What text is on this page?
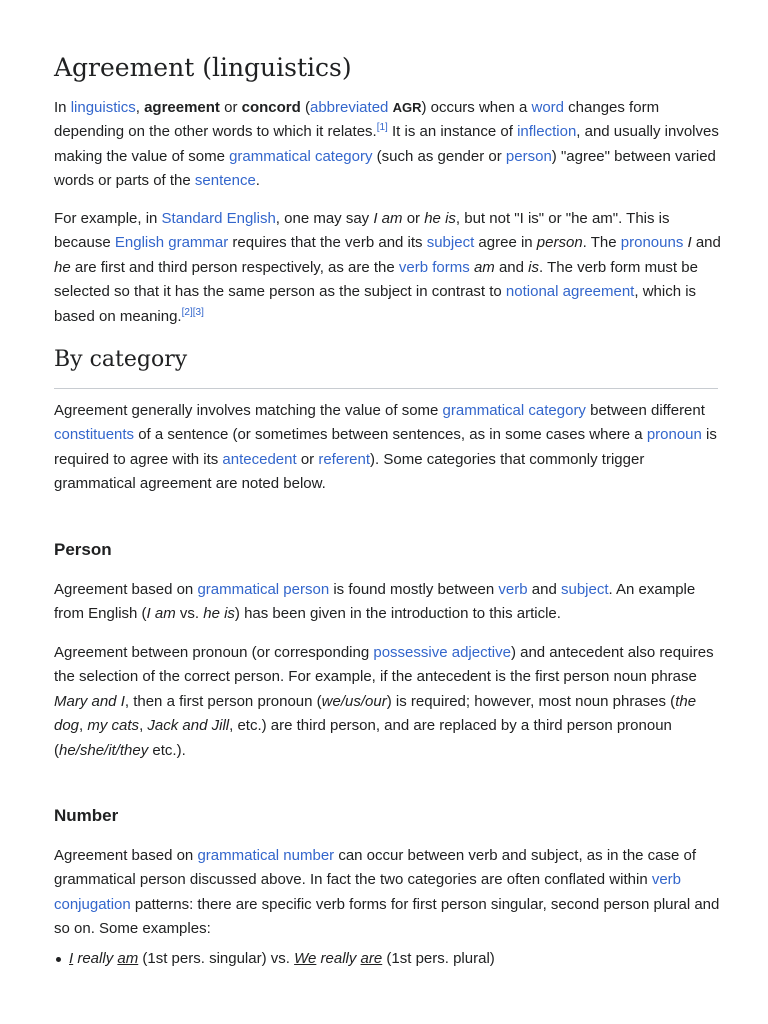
Agreement (linguistics)

In linguistics, agreement or concord (abbreviated AGR) occurs when a word changes form depending on the other words to which it relates.[1] It is an instance of inflection, and usually involves making the value of some grammatical category (such as gender or person) "agree" between varied words or parts of the sentence.

For example, in Standard English, one may say I am or he is, but not "I is" or "he am". This is because English grammar requires that the verb and its subject agree in person. The pronouns I and he are first and third person respectively, as are the verb forms am and is. The verb form must be selected so that it has the same person as the subject in contrast to notional agreement, which is based on meaning.[2][3]

By category

Agreement generally involves matching the value of some grammatical category between different constituents of a sentence (or sometimes between sentences, as in some cases where a pronoun is required to agree with its antecedent or referent). Some categories that commonly trigger grammatical agreement are noted below.

Person

Agreement based on grammatical person is found mostly between verb and subject. An example from English (I am vs. he is) has been given in the introduction to this article.

Agreement between pronoun (or corresponding possessive adjective) and antecedent also requires the selection of the correct person. For example, if the antecedent is the first person noun phrase Mary and I, then a first person pronoun (we/us/our) is required; however, most noun phrases (the dog, my cats, Jack and Jill, etc.) are third person, and are replaced by a third person pronoun (he/she/it/they etc.).

Number

Agreement based on grammatical number can occur between verb and subject, as in the case of grammatical person discussed above. In fact the two categories are often conflated within verb conjugation patterns: there are specific verb forms for first person singular, second person plural and so on. Some examples:

I really am (1st pers. singular) vs. We really are (1st pers. plural)
